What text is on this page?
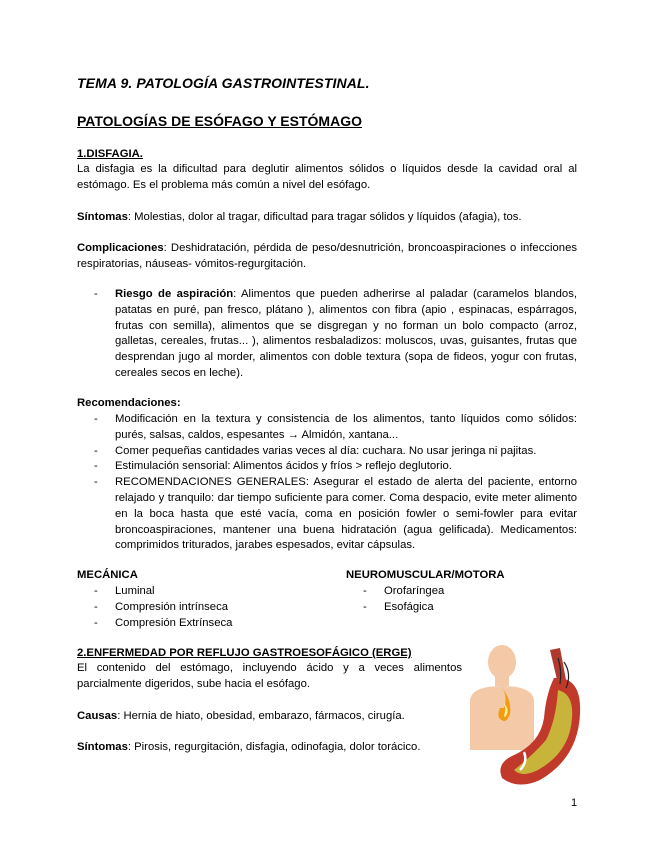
TEMA 9. PATOLOGÍA GASTROINTESTINAL.
PATOLOGÍAS DE ESÓFAGO Y ESTÓMAGO
1.DISFAGIA.
La disfagia es la dificultad para deglutir alimentos sólidos o líquidos desde la cavidad oral al estómago. Es el problema más común a nivel del esófago.
Síntomas: Molestias, dolor al tragar, dificultad para tragar sólidos y líquidos (afagia), tos.
Complicaciones: Deshidratación, pérdida de peso/desnutrición, broncoaspiraciones o infecciones respiratorias, náuseas- vómitos-regurgitación.
- Riesgo de aspiración: Alimentos que pueden adherirse al paladar (caramelos blandos, patatas en puré, pan fresco, plátano ), alimentos con fibra (apio , espinacas, espárragos, frutas con semilla), alimentos que se disgregan y no forman un bolo compacto (arroz, galletas, cereales, frutas... ), alimentos resbaladizos: moluscos, uvas, guisantes, frutas que desprendan jugo al morder, alimentos con doble textura (sopa de fideos, yogur con frutas, cereales secos en leche).
Recomendaciones:
- Modificación en la textura y consistencia de los alimentos, tanto líquidos como sólidos: purés, salsas, caldos, espesantes → Almidón, xantana...
- Comer pequeñas cantidades varias veces al día: cuchara. No usar jeringa ni pajitas.
- Estimulación sensorial: Alimentos ácidos y fríos > reflejo deglutorio.
- RECOMENDACIONES GENERALES: Asegurar el estado de alerta del paciente, entorno relajado y tranquilo: dar tiempo suficiente para comer. Coma despacio, evite meter alimento en la boca hasta que esté vacía, coma en posición fowler o semi-fowler para evitar broncoaspiraciones, mantener una buena hidratación (agua gelificada). Medicamentos: comprimidos triturados, jarabes espesados, evitar cápsulas.
MECÁNICA
- Luminal
- Compresión intrínseca
- Compresión Extrínseca
NEUROMUSCULAR/MOTORA
- Orofaríngea
- Esofágica
2.ENFERMEDAD POR REFLUJO GASTROESOFÁGICO (ERGE)
El contenido del estómago, incluyendo ácido y a veces alimentos parcialmente digeridos, sube hacia el esófago.
Causas: Hernia de hiato, obesidad, embarazo, fármacos, cirugía.
Síntomas: Pirosis, regurgitación, disfagia, odinofagia, dolor torácico.
1
